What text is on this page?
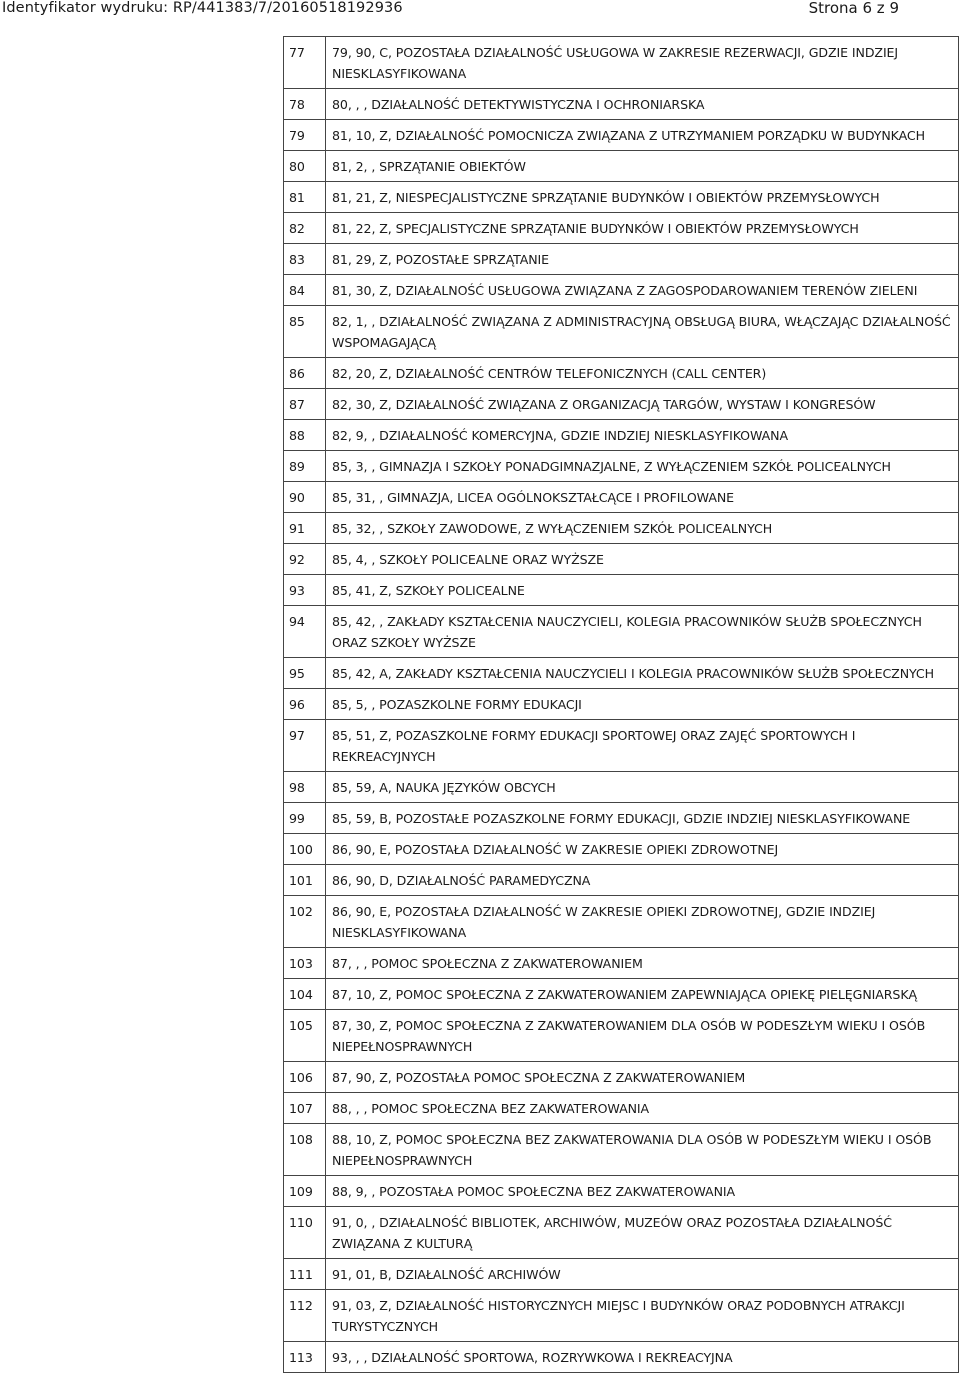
Identyfikator wydruku: RP/441383/7/20160518192936	Strona 6 z 9
77	79, 90, C, POZOSTAŁA DZIAŁALNOŚĆ USŁUGOWA W ZAKRESIE REZERWACJI, GDZIE INDZIEJ NIESKLASYFIKOWANA
78	80, , , DZIAŁALNOŚĆ DETEKTYWISTYCZNA I OCHRONIARSKA
79	81, 10, Z, DZIAŁALNOŚĆ POMOCNICZA ZWIĄZANA Z UTRZYMANIEM PORZĄDKU W BUDYNKACH
80	81, 2, , SPRZĄTANIE OBIEKTÓW
81	81, 21, Z, NIESPECJALISTYCZNE SPRZĄTANIE BUDYNKÓW I OBIEKTÓW PRZEMYSŁOWYCH
82	81, 22, Z, SPECJALISTYCZNE SPRZĄTANIE BUDYNKÓW I OBIEKTÓW PRZEMYSŁOWYCH
83	81, 29, Z, POZOSTAŁE SPRZĄTANIE
84	81, 30, Z, DZIAŁALNOŚĆ USŁUGOWA ZWIĄZANA Z ZAGOSPODAROWANIEM TERENÓW ZIELENI
85	82, 1, , DZIAŁALNOŚĆ ZWIĄZANA Z ADMINISTRACYJNĄ OBSŁUGĄ BIURA, WŁĄCZAJĄC DZIAŁALNOŚĆ WSPOMAGAJĄCĄ
86	82, 20, Z, DZIAŁALNOŚĆ CENTRÓW TELEFONICZNYCH (CALL CENTER)
87	82, 30, Z, DZIAŁALNOŚĆ ZWIĄZANA Z ORGANIZACJĄ TARGÓW, WYSTAW I KONGRESÓW
88	82, 9, , DZIAŁALNOŚĆ KOMERCYJNA, GDZIE INDZIEJ NIESKLASYFIKOWANA
89	85, 3, , GIMNAZJA I SZKOŁY PONADGIMNAZJALNE, Z WYŁĄCZENIEM SZKÓŁ POLICEALNYCH
90	85, 31, , GIMNAZJA, LICEA OGÓLNOKSZTAŁCĄCE I PROFILOWANE
91	85, 32, , SZKOŁY ZAWODOWE, Z WYŁĄCZENIEM SZKÓŁ POLICEALNYCH
92	85, 4, , SZKOŁY POLICEALNE ORAZ WYŻSZE
93	85, 41, Z, SZKOŁY POLICEALNE
94	85, 42, , ZAKŁADY KSZTAŁCENIA NAUCZYCIELI, KOLEGIA PRACOWNIKÓW SŁUŻB SPOŁECZNYCH ORAZ SZKOŁY WYŻSZE
95	85, 42, A, ZAKŁADY KSZTAŁCENIA NAUCZYCIELI I KOLEGIA PRACOWNIKÓW SŁUŻB SPOŁECZNYCH
96	85, 5, , POZASZKOLNE FORMY EDUKACJI
97	85, 51, Z, POZASZKOLNE FORMY EDUKACJI SPORTOWEJ ORAZ ZAJĘĆ SPORTOWYCH I REKREACYJNYCH
98	85, 59, A, NAUKA JĘZYKÓW OBCYCH
99	85, 59, B, POZOSTAŁE POZASZKOLNE FORMY EDUKACJI, GDZIE INDZIEJ NIESKLASYFIKOWANE
100	86, 90, E, POZOSTAŁA DZIAŁALNOŚĆ W ZAKRESIE OPIEKI ZDROWOTNEJ
101	86, 90, D, DZIAŁALNOŚĆ PARAMEDYCZNA
102	86, 90, E, POZOSTAŁA DZIAŁALNOŚĆ W ZAKRESIE OPIEKI ZDROWOTNEJ, GDZIE INDZIEJ NIESKLASYFIKOWANA
103	87, , , POMOC SPOŁECZNA Z ZAKWATEROWANIEM
104	87, 10, Z, POMOC SPOŁECZNA Z ZAKWATEROWANIEM ZAPEWNIAJĄCA OPIEKĘ PIELĘGNIARSKĄ
105	87, 30, Z, POMOC SPOŁECZNA Z ZAKWATEROWANIEM DLA OSÓB W PODESZŁYM WIEKU I OSÓB NIEPEŁNOSPRAWNYCH
106	87, 90, Z, POZOSTAŁA POMOC SPOŁECZNA Z ZAKWATEROWANIEM
107	88, , , POMOC SPOŁECZNA BEZ ZAKWATEROWANIA
108	88, 10, Z, POMOC SPOŁECZNA BEZ ZAKWATEROWANIA DLA OSÓB W PODESZŁYM WIEKU I OSÓB NIEPEŁNOSPRAWNYCH
109	88, 9, , POZOSTAŁA POMOC SPOŁECZNA BEZ ZAKWATEROWANIA
110	91, 0, , DZIAŁALNOŚĆ BIBLIOTEK, ARCHIWÓW, MUZEÓW ORAZ POZOSTAŁA DZIAŁALNOŚĆ ZWIĄZANA Z KULTURĄ
111	91, 01, B, DZIAŁALNOŚĆ ARCHIWÓW
112	91, 03, Z, DZIAŁALNOŚĆ HISTORYCZNYCH MIEJSC I BUDYNKÓW ORAZ PODOBNYCH ATRAKCJI TURYSTYCZNYCH
113	93, , , DZIAŁALNOŚĆ SPORTOWA, ROZRYWKOWA I REKREACYJNA
